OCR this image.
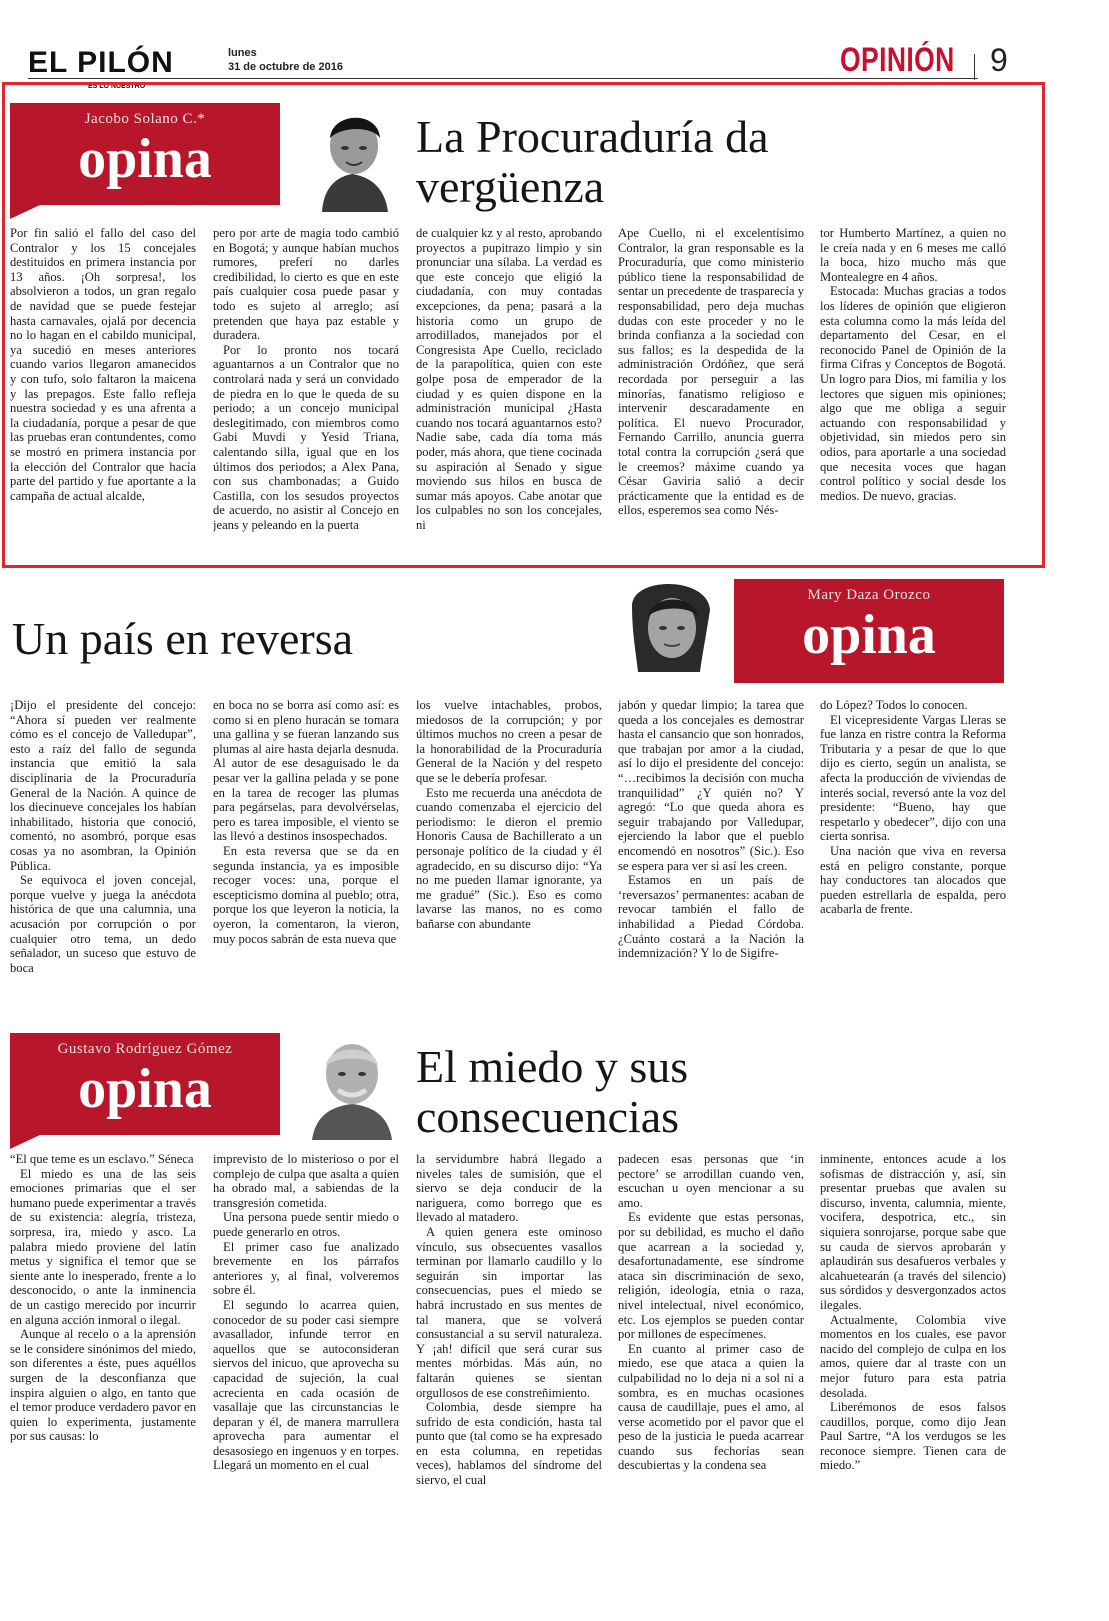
EL PILÓN
ES LO NUESTRO
lunes
31 de octubre de 2016	OPINIÓN 9
Jacobo Solano C.*
opina	La Procuraduría da
vergüenza

Por fin salió el fallo del caso del Contralor y los 15 concejales destituidos en primera instancia por 13 años. ¡Oh sorpresa!, los absolvieron a todos, un gran regalo de navidad que se puede festejar hasta carnavales, ojalá por decencia no lo hagan en el cabildo municipal, ya sucedió en meses anteriores cuando varios llegaron amanecidos y con tufo, solo faltaron la maicena y las prepagos. Este fallo refleja nuestra sociedad y es una afrenta a la ciudadanía, porque a pesar de que las pruebas eran contundentes, como se mostró en primera instancia por la elección del Contralor que hacía parte del partido y fue aportante a la campaña de actual alcalde,

pero por arte de magia todo cambió en Bogotá; y aunque habían muchos rumores, preferí no darles credibilidad, lo cierto es que en este país cualquier cosa puede pasar y todo es sujeto al arreglo; así pretenden que haya paz estable y duradera.

Por lo pronto nos tocará aguantarnos a un Contralor que no controlará nada y será un convidado de piedra en lo que le queda de su periodo; a un concejo municipal deslegitimado, con miembros como Gabi Muvdi y Yesid Triana, calentando silla, igual que en los últimos dos periodos; a Alex Pana, con sus chambonadas; a Guido Castilla, con los sesudos proyectos de acuerdo, no asistir al Concejo en jeans y peleando en la puerta

de cualquier kz y al resto, aprobando proyectos a pupitrazo limpio y sin pronunciar una sílaba. La verdad es que este concejo que eligió la ciudadanía, con muy contadas excepciones, da pena; pasará a la historia como un grupo de arrodillados, manejados por el Congresista Ape Cuello, reciclado de la parapolítica, quien con este golpe posa de emperador de la ciudad y es quien dispone en la administración municipal ¿Hasta cuando nos tocará aguantarnos esto? Nadie sabe, cada día toma más poder, más ahora, que tiene cocinada su aspiración al Senado y sigue moviendo sus hilos en busca de sumar más apoyos. Cabe anotar que los culpables no son los concejales, ni

Ape Cuello, ni el excelentísimo Contralor, la gran responsable es la Procuraduría, que como ministerio público tiene la responsabilidad de sentar un precedente de trasparecía y responsabilidad, pero deja muchas dudas con este proceder y no le brinda confianza a la sociedad con sus fallos; es la despedida de la administración Ordóñez, que será recordada por perseguir a las minorías, fanatismo religioso e intervenir descaradamente en política. El nuevo Procurador, Fernando Carrillo, anuncia guerra total contra la corrupción ¿será que le creemos? máxime cuando ya César Gaviria salió a decir prácticamente que la entidad es de ellos, esperemos sea como Nés-

tor Humberto Martínez, a quien no le creía nada y en 6 meses me calló la boca, hizo mucho más que Montealegre en 4 años.

Estocada: Muchas gracias a todos los líderes de opinión que eligieron esta columna como la más leída del departamento del Cesar, en el reconocido Panel de Opinión de la firma Cifras y Conceptos de Bogotá. Un logro para Dios, mi familia y los lectores que siguen mis opiniones; algo que me obliga a seguir actuando con responsabilidad y objetividad, sin miedos pero sin odios, para aportarle a una sociedad que necesita voces que hagan control político y social desde los medios. De nuevo, gracias.

Un país en reversa
Mary Daza Orozco
opina

¡Dijo el presidente del concejo: “Ahora sí pueden ver realmente cómo es el concejo de Valledupar”, esto a raíz del fallo de segunda instancia que emitió la sala disciplinaria de la Procuraduría General de la Nación. A quince de los diecinueve concejales los habían inhabilitado, historia que conoció, comentó, no asombró, porque esas cosas ya no asombran, la Opinión Pública.

Se equivoca el joven concejal, porque vuelve y juega la anécdota histórica de que una calumnia, una acusación por corrupción o por cualquier otro tema, un dedo señalador, un suceso que estuvo de boca

en boca no se borra así como así: es como si en pleno huracán se tomara una gallina y se fueran lanzando sus plumas al aire hasta dejarla desnuda. Al autor de ese desaguisado le da pesar ver la gallina pelada y se pone en la tarea de recoger las plumas para pegárselas, para devolvérselas, pero es tarea imposible, el viento se las llevó a destinos insospechados.

En esta reversa que se da en segunda instancia, ya es imposible recoger voces: una, porque el escepticismo domina al pueblo; otra, porque los que leyeron la noticia, la oyeron, la comentaron, la vieron, muy pocos sabrán de esta nueva que

los vuelve intachables, probos, miedosos de la corrupción; y por últimos muchos no creen a pesar de la honorabilidad de la Procuraduría General de la Nación y del respeto que se le debería profesar.

Esto me recuerda una anécdota de cuando comenzaba el ejercicio del periodismo: le dieron el premio Honoris Causa de Bachillerato a un personaje político de la ciudad y él agradecido, en su discurso dijo: “Ya no me pueden llamar ignorante, ya me gradué” (Sic.). Eso es como lavarse las manos, no es como bañarse con abundante

jabón y quedar limpio; la tarea que queda a los concejales es demostrar hasta el cansancio que son honrados, que trabajan por amor a la ciudad, así lo dijo el presidente del concejo: “…recibimos la decisión con mucha tranquilidad” ¿Y quién no? Y agregó: “Lo que queda ahora es seguir trabajando por Valledupar, ejerciendo la labor que el pueblo encomendó en nosotros” (Sic.). Eso se espera para ver si así les creen.

Estamos en un país de ‘reversazos’ permanentes: acaban de revocar también el fallo de inhabilidad a Piedad Córdoba. ¿Cuánto costará a la Nación la indemnización? Y lo de Sigifre-

do López? Todos lo conocen.

El vicepresidente Vargas Lleras se fue lanza en ristre contra la Reforma Tributaria y a pesar de que lo que dijo es cierto, según un analista, se afecta la producción de viviendas de interés social, reversó ante la voz del presidente: “Bueno, hay que respetarlo y obedecer”, dijo con una cierta sonrisa.

Una nación que viva en reversa está en peligro constante, porque hay conductores tan alocados que pueden estrellarla de espalda, pero acabarla de frente.

Gustavo Rodríguez Gómez
opina	El miedo y sus
consecuencias

“El que teme es un esclavo.” Séneca

El miedo es una de las seis emociones primarias que el ser humano puede experimentar a través de su existencia: alegría, tristeza, sorpresa, ira, miedo y asco. La palabra miedo proviene del latín metus y significa el temor que se siente ante lo inesperado, frente a lo desconocido, o ante la inminencia de un castigo merecido por incurrir en alguna acción inmoral o ilegal.

Aunque al recelo o a la aprensión se le considere sinónimos del miedo, son diferentes a éste, pues aquéllos surgen de la desconfianza que inspira alguien o algo, en tanto que el temor produce verdadero pavor en quien lo experimenta, justamente por sus causas: lo

imprevisto de lo misterioso o por el complejo de culpa que asalta a quien ha obrado mal, a sabiendas de la transgresión cometida.

Una persona puede sentir miedo o puede generarlo en otros.

El primer caso fue analizado brevemente en los párrafos anteriores y, al final, volveremos sobre él.

El segundo lo acarrea quien, conocedor de su poder casi siempre avasallador, infunde terror en aquellos que se autoconsideran siervos del inicuo, que aprovecha su capacidad de sujeción, la cual acrecienta en cada ocasión de vasallaje que las circunstancias le deparan y él, de manera marrullera aprovecha para aumentar el desasosiego en ingenuos y en torpes. Llegará un momento en el cual

la servidumbre habrá llegado a niveles tales de sumisión, que el siervo se deja conducir de la nariguera, como borrego que es llevado al matadero.

A quien genera este ominoso vínculo, sus obsecuentes vasallos terminan por llamarlo caudillo y lo seguirán sin importar las consecuencias, pues el miedo se habrá incrustado en sus mentes de tal manera, que se volverá consustancial a su servil naturaleza. Y ¡ah! difícil que será curar sus mentes mórbidas. Más aún, no faltarán quienes se sientan orgullosos de ese constreñimiento.

Colombia, desde siempre ha sufrido de esta condición, hasta tal punto que (tal como se ha expresado en esta columna, en repetidas veces), hablamos del síndrome del siervo, el cual

padecen esas personas que ‘in pectore’ se arrodillan cuando ven, escuchan u oyen mencionar a su amo.

Es evidente que estas personas, por su debilidad, es mucho el daño que acarrean a la sociedad y, desafortunadamente, ese síndrome ataca sin discriminación de sexo, religión, ideología, etnia o raza, nivel intelectual, nivel económico, etc. Los ejemplos se pueden contar por millones de especímenes.

En cuanto al primer caso de miedo, ese que ataca a quien la culpabilidad no lo deja ni a sol ni a sombra, es en muchas ocasiones causa de caudillaje, pues el amo, al verse acometido por el pavor que el peso de la justicia le pueda acarrear cuando sus fechorías sean descubiertas y la condena sea

inminente, entonces acude a los sofismas de distracción y, así, sin presentar pruebas que avalen su discurso, inventa, calumnia, miente, vocifera, despotrica, etc., sin siquiera sonrojarse, porque sabe que su cauda de siervos aprobarán y aplaudirán sus desafueros verbales y alcahuetearán (a través del silencio) sus sórdidos y desvergonzados actos ilegales.

Actualmente, Colombia vive momentos en los cuales, ese pavor nacido del complejo de culpa en los amos, quiere dar al traste con un mejor futuro para esta patria desolada.

Liberémonos de esos falsos caudillos, porque, como dijo Jean Paul Sartre, “A los verdugos se les reconoce siempre. Tienen cara de miedo.”
